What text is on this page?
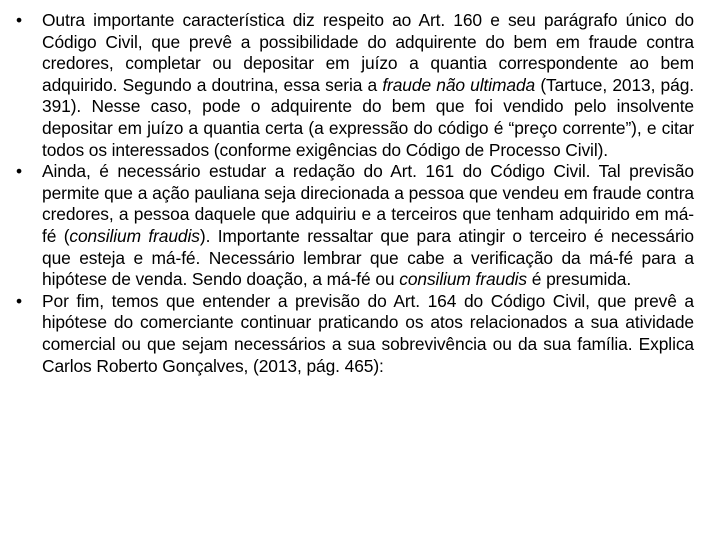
• Outra importante característica diz respeito ao Art. 160 e seu parágrafo único do Código Civil, que prevê a possibilidade do adquirente do bem em fraude contra credores, completar ou depositar em juízo a quantia correspondente ao bem adquirido. Segundo a doutrina, essa seria a fraude não ultimada (Tartuce, 2013, pág. 391). Nesse caso, pode o adquirente do bem que foi vendido pelo insolvente depositar em juízo a quantia certa (a expressão do código é “preço corrente”), e citar todos os interessados (conforme exigências do Código de Processo Civil).
• Ainda, é necessário estudar a redação do Art. 161 do Código Civil. Tal previsão permite que a ação pauliana seja direcionada a pessoa que vendeu em fraude contra credores, a pessoa daquele que adquiriu e a terceiros que tenham adquirido em má-fé (consilium fraudis). Importante ressaltar que para atingir o terceiro é necessário que esteja e má-fé. Necessário lembrar que cabe a verificação da má-fé para a hipótese de venda. Sendo doação, a má-fé ou consilium fraudis é presumida.
• Por fim, temos que entender a previsão do Art. 164 do Código Civil, que prevê a hipótese do comerciante continuar praticando os atos relacionados a sua atividade comercial ou que sejam necessários a sua sobrevivência ou da sua família. Explica Carlos Roberto Gonçalves, (2013, pág. 465):
